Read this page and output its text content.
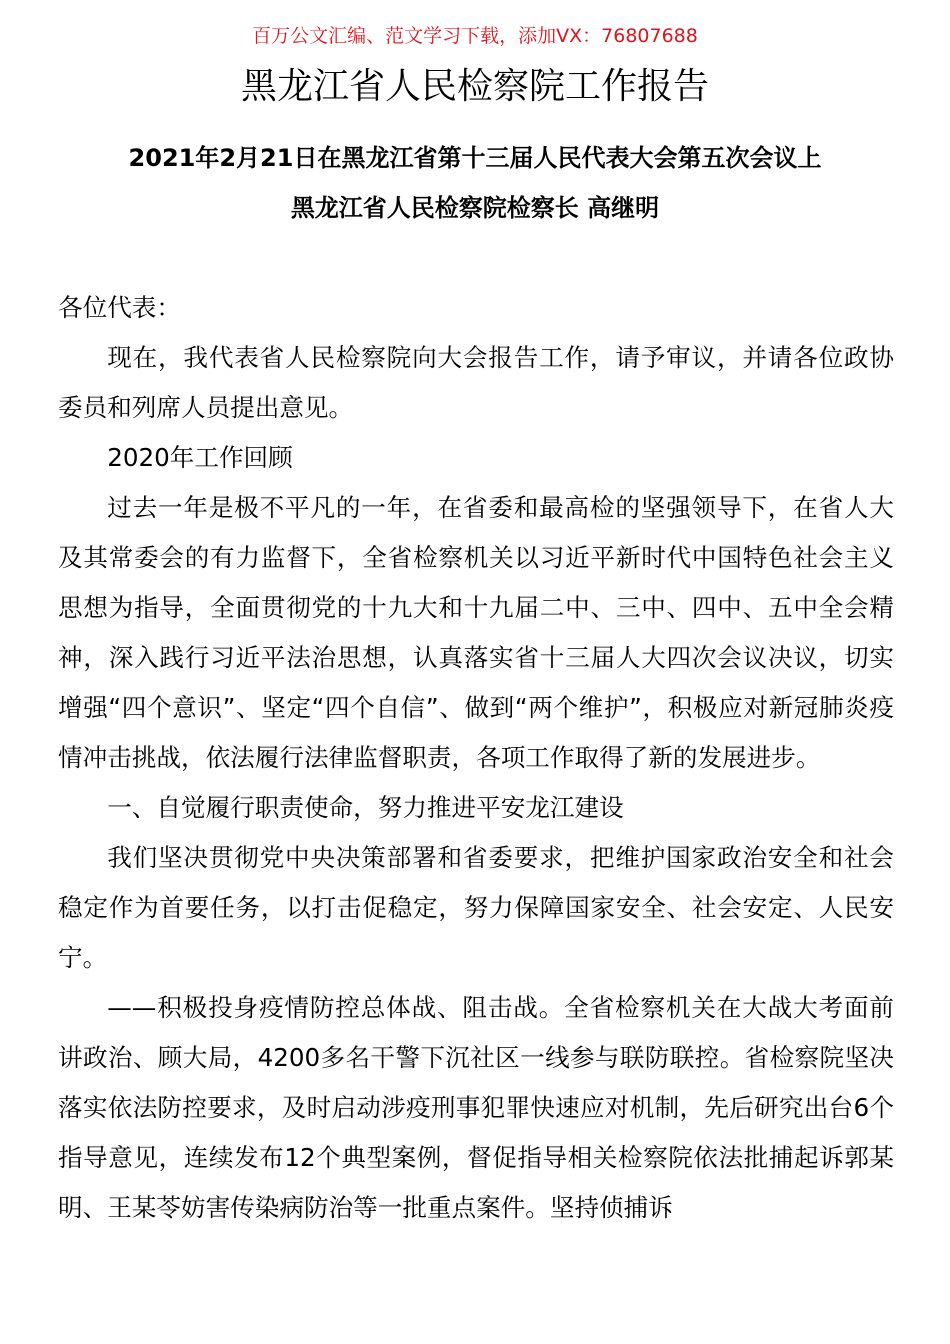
百万公文汇编、范文学习下载，添加VX：76807688
黑龙江省人民检察院工作报告
2021年2月21日在黑龙江省第十三届人民代表大会第五次会议上
黑龙江省人民检察院检察长 高继明

各位代表：

现在，我代表省人民检察院向大会报告工作，请予审议，并请各位政协委员和列席人员提出意见。

2020年工作回顾

过去一年是极不平凡的一年，在省委和最高检的坚强领导下，在省人大及其常委会的有力监督下，全省检察机关以习近平新时代中国特色社会主义思想为指导，全面贯彻党的十九大和十九届二中、三中、四中、五中全会精神，深入践行习近平法治思想，认真落实省十三届人大四次会议决议，切实增强“四个意识”、坚定“四个自信”、做到“两个维护”，积极应对新冠肺炎疫情冲击挑战，依法履行法律监督职责，各项工作取得了新的发展进步。

一、自觉履行职责使命，努力推进平安龙江建设

我们坚决贯彻党中央决策部署和省委要求，把维护国家政治安全和社会稳定作为首要任务，以打击促稳定，努力保障国家安全、社会安定、人民安宁。

——积极投身疫情防控总体战、阻击战。全省检察机关在大战大考面前讲政治、顾大局，4200多名干警下沉社区一线参与联防联控。省检察院坚决落实依法防控要求，及时启动涉疫刑事犯罪快速应对机制，先后研究出台6个指导意见，连续发布12个典型案例，督促指导相关检察院依法批捕起诉郭某明、王某苓妨害传染病防治等一批重点案件。坚持侦捕诉
